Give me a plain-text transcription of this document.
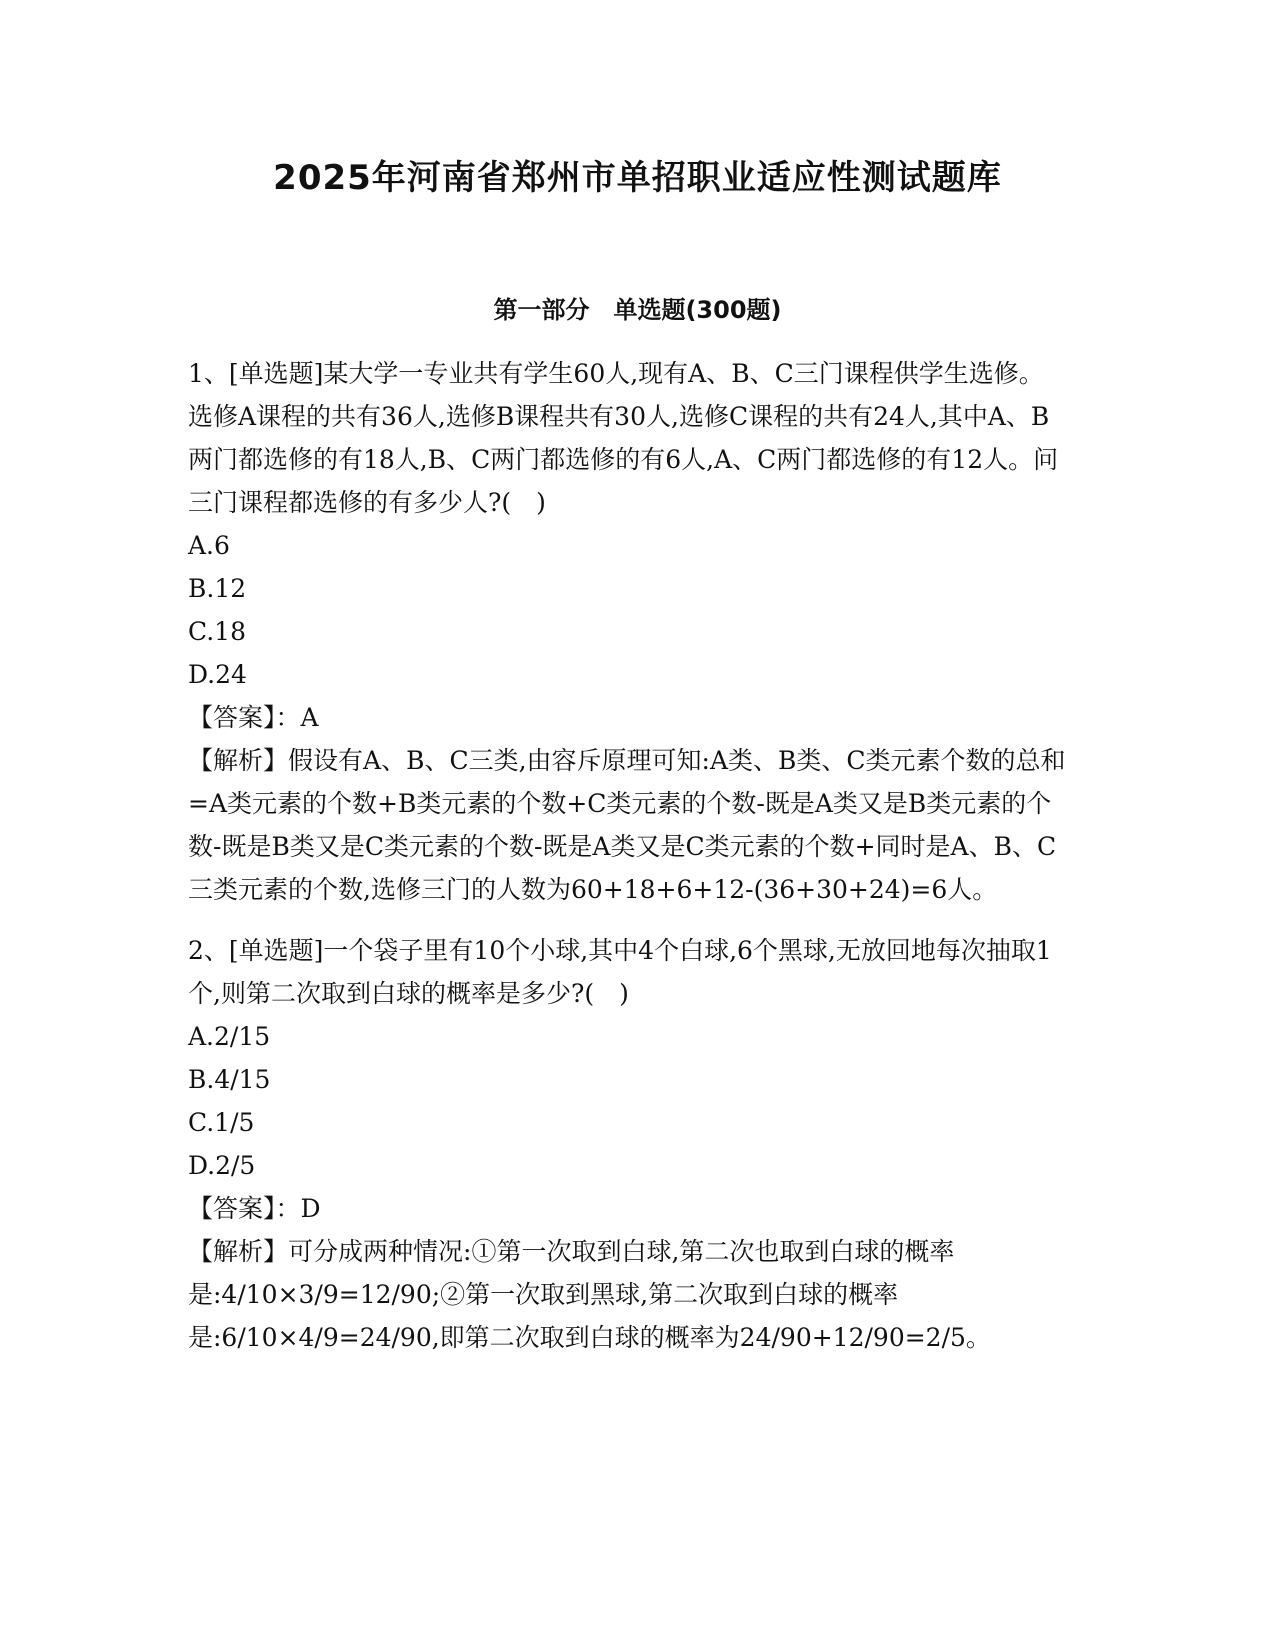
2025年河南省郑州市单招职业适应性测试题库
第一部分　单选题(300题)

1、[单选题]某大学一专业共有学生60人,现有A、B、C三门课程供学生选修。选修A课程的共有36人,选修B课程共有30人,选修C课程的共有24人,其中A、B两门都选修的有18人,B、C两门都选修的有6人,A、C两门都选修的有12人。问三门课程都选修的有多少人?(　)

A.6

B.12

C.18

D.24

【答案】：A

【解析】假设有A、B、C三类,由容斥原理可知:A类、B类、C类元素个数的总和=A类元素的个数+B类元素的个数+C类元素的个数-既是A类又是B类元素的个数-既是B类又是C类元素的个数-既是A类又是C类元素的个数+同时是A、B、C三类元素的个数,选修三门的人数为60+18+6+12-(36+30+24)=6人。

2、[单选题]一个袋子里有10个小球,其中4个白球,6个黑球,无放回地每次抽取1个,则第二次取到白球的概率是多少?(　)

A.2/15

B.4/15

C.1/5

D.2/5

【答案】：D

【解析】可分成两种情况:①第一次取到白球,第二次也取到白球的概率是:4/10×3/9=12/90;②第一次取到黑球,第二次取到白球的概率是:6/10×4/9=24/90,即第二次取到白球的概率为24/90+12/90=2/5。
